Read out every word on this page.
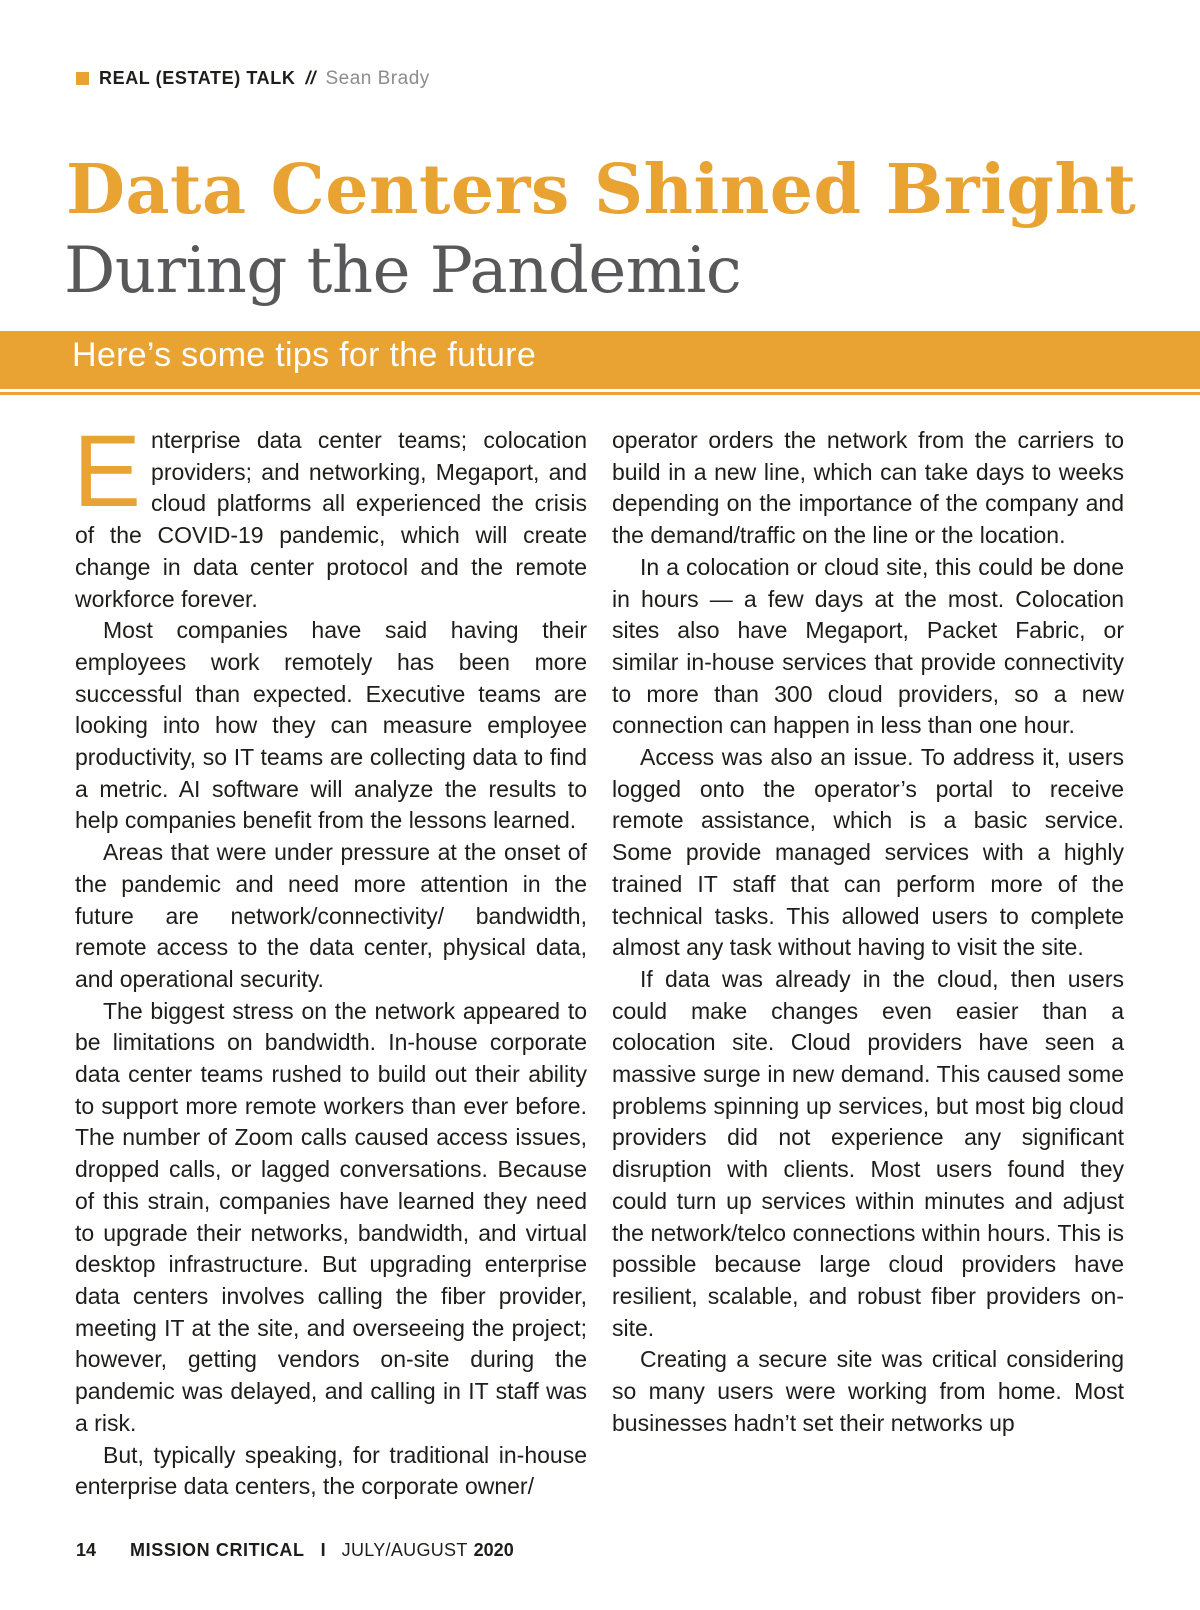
REAL (ESTATE) TALK // Sean Brady
Data Centers Shined Bright
During the Pandemic
Here’s some tips for the future

Enterprise data center teams; colocation providers; and networking, Megaport, and cloud platforms all experienced the crisis of the COVID-19 pandemic, which will create change in data center protocol and the remote workforce forever.

Most companies have said having their employees work remotely has been more successful than expected. Executive teams are looking into how they can measure employee productivity, so IT teams are collecting data to find a metric. AI software will analyze the results to help companies benefit from the lessons learned.

Areas that were under pressure at the onset of the pandemic and need more attention in the future are network/connectivity/ bandwidth, remote access to the data center, physical data, and operational security.

The biggest stress on the network appeared to be limitations on bandwidth. In-house corporate data center teams rushed to build out their ability to support more remote workers than ever before. The number of Zoom calls caused access issues, dropped calls, or lagged conversations. Because of this strain, companies have learned they need to upgrade their networks, bandwidth, and virtual desktop infrastructure. But upgrading enterprise data centers involves calling the fiber provider, meeting IT at the site, and overseeing the project; however, getting vendors on-site during the pandemic was delayed, and calling in IT staff was a risk.

But, typically speaking, for traditional in-house enterprise data centers, the corporate owner/

operator orders the network from the carriers to build in a new line, which can take days to weeks depending on the importance of the company and the demand/traffic on the line or the location.

In a colocation or cloud site, this could be done in hours — a few days at the most. Colocation sites also have Megaport, Packet Fabric, or similar in-house services that provide connectivity to more than 300 cloud providers, so a new connection can happen in less than one hour.

Access was also an issue. To address it, users logged onto the operator’s portal to receive remote assistance, which is a basic service. Some provide managed services with a highly trained IT staff that can perform more of the technical tasks. This allowed users to complete almost any task without having to visit the site.

If data was already in the cloud, then users could make changes even easier than a colocation site. Cloud providers have seen a massive surge in new demand. This caused some problems spinning up services, but most big cloud providers did not experience any significant disruption with clients. Most users found they could turn up services within minutes and adjust the network/telco connections within hours. This is possible because large cloud providers have resilient, scalable, and robust fiber providers on-site.

Creating a secure site was critical considering so many users were working from home. Most businesses hadn’t set their networks up

14 MISSION CRITICAL I JULY/AUGUST 2020
